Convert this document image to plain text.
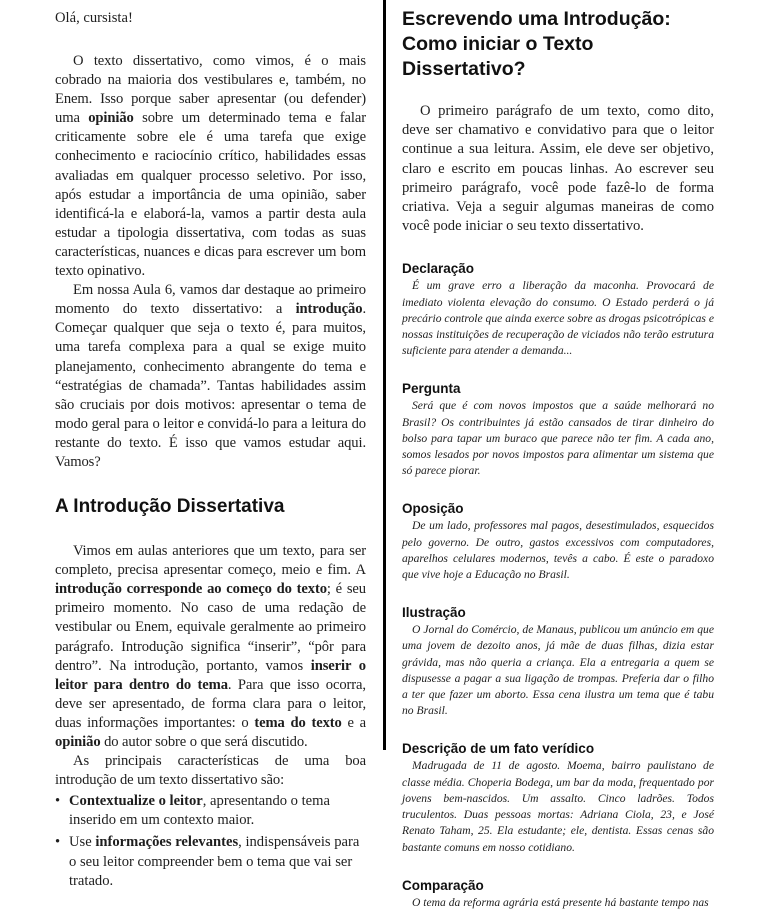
Olá, cursista!

O texto dissertativo, como vimos, é o mais cobrado na maioria dos vestibulares e, também, no Enem. Isso porque saber apresentar (ou defender) uma opinião sobre um determinado tema e falar criticamente sobre ele é uma tarefa que exige conhecimento e raciocínio crítico, habilidades essas avaliadas em qualquer processo seletivo. Por isso, após estudar a importância de uma opinião, saber identificá-la e elaborá-la, vamos a partir desta aula estudar a tipologia dissertativa, com todas as suas características, nuances e dicas para escrever um bom texto opinativo.

Em nossa Aula 6, vamos dar destaque ao primeiro momento do texto dissertativo: a introdução. Começar qualquer que seja o texto é, para muitos, uma tarefa complexa para a qual se exige muito planejamento, conhecimento abrangente do tema e “estratégias de chamada”. Tantas habilidades assim são cruciais por dois motivos: apresentar o tema de modo geral para o leitor e convidá-lo para a leitura do restante do texto. É isso que vamos estudar aqui. Vamos?

A Introdução Dissertativa

Vimos em aulas anteriores que um texto, para ser completo, precisa apresentar começo, meio e fim. A introdução corresponde ao começo do texto; é seu primeiro momento. No caso de uma redação de vestibular ou Enem, equivale geralmente ao primeiro parágrafo. Introdução significa “inserir”, “pôr para dentro”. Na introdução, portanto, vamos inserir o leitor para dentro do tema. Para que isso ocorra, deve ser apresentado, de forma clara para o leitor, duas informações importantes: o tema do texto e a opinião do autor sobre o que será discutido.

As principais características de uma boa introdução de um texto dissertativo são:

• Contextualize o leitor, apresentando o tema inserido em um contexto maior.
• Use informações relevantes, indispensáveis para o seu leitor compreender bem o tema que vai ser tratado.
Escrevendo uma Introdução:
Como iniciar o Texto Dissertativo?

O primeiro parágrafo de um texto, como dito, deve ser chamativo e convidativo para que o leitor continue a sua leitura. Assim, ele deve ser objetivo, claro e escrito em poucas linhas. Ao escrever seu primeiro parágrafo, você pode fazê-lo de forma criativa. Veja a seguir algumas maneiras de como você pode iniciar o seu texto dissertativo.

Declaração

É um grave erro a liberação da maconha. Provocará de imediato violenta elevação do consumo. O Estado perderá o já precário controle que ainda exerce sobre as drogas psicotrópicas e nossas instituições de recuperação de viciados não terão estrutura suficiente para atender a demanda...

Pergunta

Será que é com novos impostos que a saúde melhorará no Brasil? Os contribuintes já estão cansados de tirar dinheiro do bolso para tapar um buraco que parece não ter fim. A cada ano, somos lesados por novos impostos para alimentar um sistema que só parece piorar.

Oposição

De um lado, professores mal pagos, desestimulados, esquecidos pelo governo. De outro, gastos excessivos com computadores, aparelhos celulares modernos, tevês a cabo. É este o paradoxo que vive hoje a Educação no Brasil.

Ilustração

O Jornal do Comércio, de Manaus, publicou um anúncio em que uma jovem de dezoito anos, já mãe de duas filhas, dizia estar grávida, mas não queria a criança. Ela a entregaria a quem se dispusesse a pagar a sua ligação de trompas. Preferia dar o filho a ter que fazer um aborto. Essa cena ilustra um tema que é tabu no Brasil.

Descrição de um fato verídico

Madrugada de 11 de agosto. Moema, bairro paulistano de classe média. Choperia Bodega, um bar da moda, frequentado por jovens bem-nascidos. Um assalto. Cinco ladrões. Todos truculentos. Duas pessoas mortas: Adriana Ciola, 23, e José Renato Taham, 25. Ela estudante; ele, dentista. Essas cenas são bastante comuns em nosso cotidiano.

Comparação

O tema da reforma agrária está presente há bastante tempo nas
